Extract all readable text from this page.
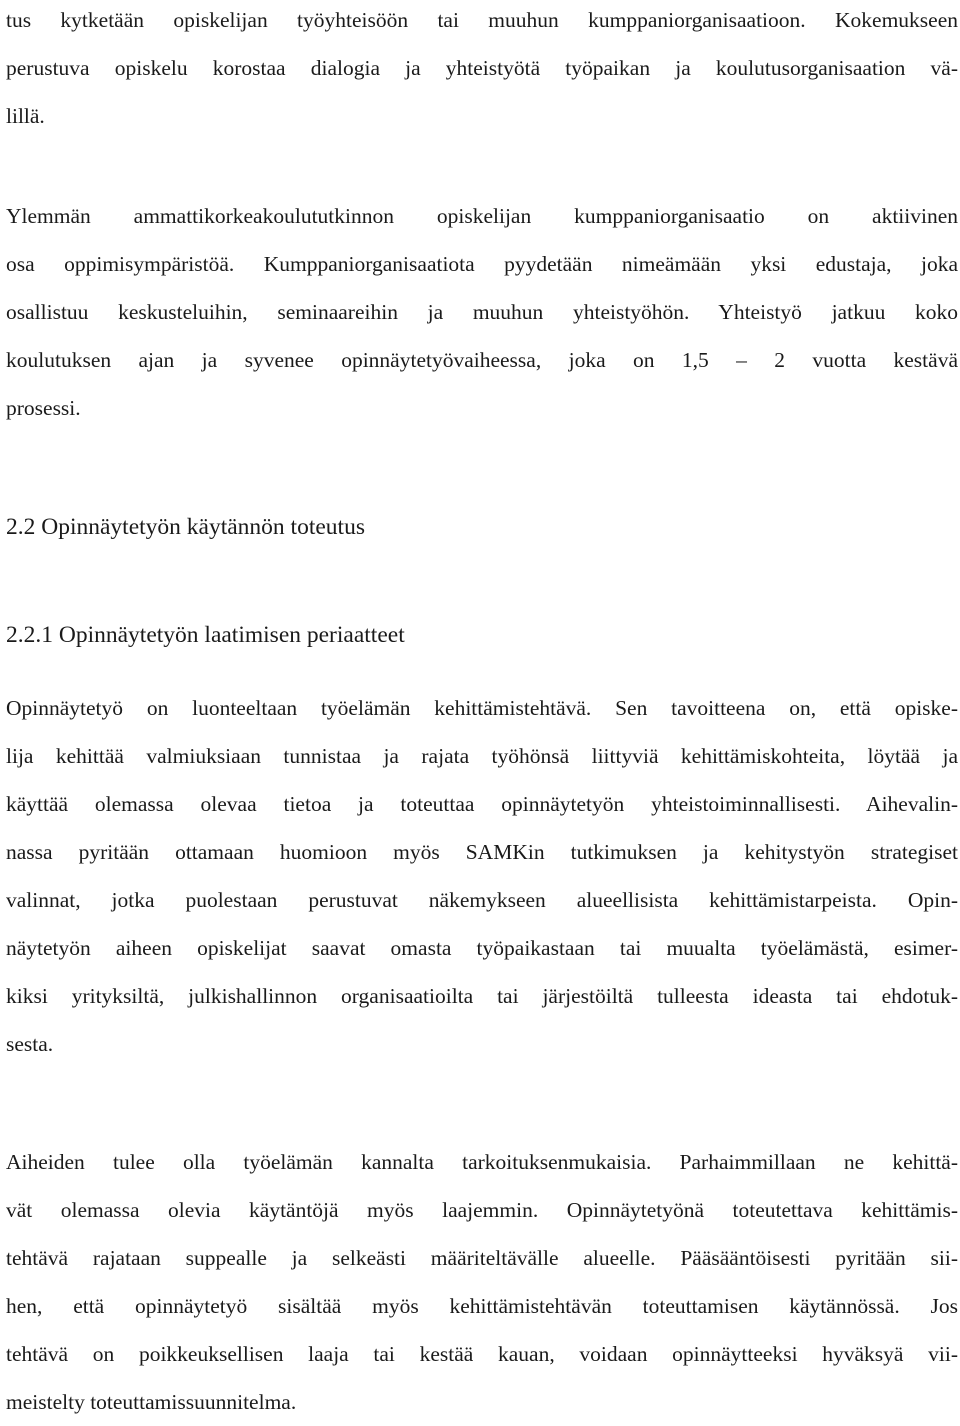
tus kytketään opiskelijan työyhteisöön tai muuhun kumppaniorganisaatioon. Kokemukseen
perustuva opiskelu korostaa dialogia ja yhteistyötä työpaikan ja koulutusorganisaation vä-
lillä.
Ylemmän ammattikorkeakoulututkinnon opiskelijan kumppaniorganisaatio on aktiivinen
osa oppimisympäristöä. Kumppaniorganisaatiota pyydetään nimeämään yksi edustaja, joka
osallistuu keskusteluihin, seminaareihin ja muuhun yhteistyöhön. Yhteistyö jatkuu koko
koulutuksen ajan ja syvenee opinnäytetyövaiheessa, joka on 1,5 – 2 vuotta kestävä
prosessi.
2.2 Opinnäytetyön käytännön toteutus
2.2.1 Opinnäytetyön laatimisen periaatteet
Opinnäytetyö on luonteeltaan työelämän kehittämistehtävä. Sen tavoitteena on, että opiske-
lija kehittää valmiuksiaan tunnistaa ja rajata työhönsä liittyviä kehittämiskohteita, löytää ja
käyttää olemassa olevaa tietoa ja toteuttaa opinnäytetyön yhteistoiminnallisesti. Aihevalin-
nassa pyritään ottamaan huomioon myös SAMKin tutkimuksen ja kehitystyön strategiset
valinnat, jotka puolestaan perustuvat näkemykseen alueellisista kehittämistarpeista. Opin-
näytetyön aiheen opiskelijat saavat omasta työpaikastaan tai muualta työelämästä, esimer-
kiksi yrityksiltä, julkishallinnon organisaatioilta tai järjestöiltä tulleesta ideasta tai ehdotuk-
sesta.
Aiheiden tulee olla työelämän kannalta tarkoituksenmukaisia. Parhaimmillaan ne kehittä-
vät olemassa olevia käytäntöjä myös laajemmin. Opinnäytetyönä toteutettava kehittämis-
tehtävä rajataan suppealle ja selkeästi määriteltävälle alueelle. Pääsääntöisesti pyritään sii-
hen, että opinnäytetyö sisältää myös kehittämistehtävän toteuttamisen käytännössä. Jos
tehtävä on poikkeuksellisen laaja tai kestää kauan, voidaan opinnäytteeksi hyväksyä vii-
meistelty toteuttamissuunnitelma.
